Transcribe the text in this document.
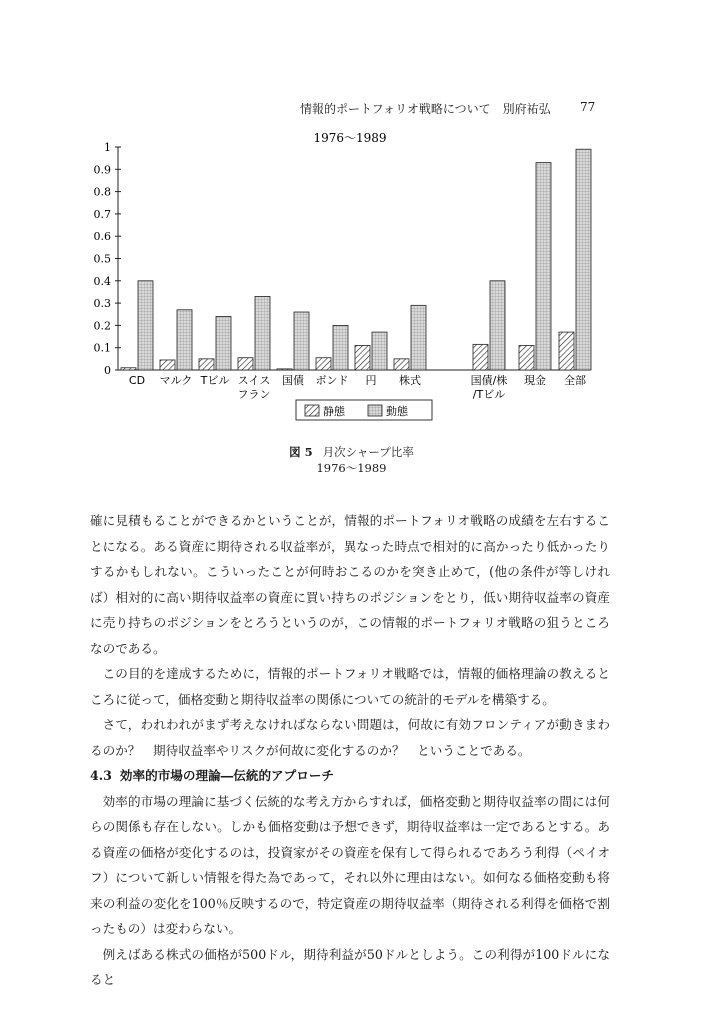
情報的ポートフォリオ戦略について　別府祐弘 77
1976～1989
0
0.1
0.2
0.3
0.4
0.5
0.6
0.7
0.8
0.9
1
CD マルク Tビル スイス
フラン
国債 ボンド 円 株式	国債/株
/Tビル
現金 全部
静態	動態
図 5 月次シャープ比率
1976～1989

確に見積もることができるかということが，情報的ポートフォリオ戦略の成績を左右することになる。ある資産に期待される収益率が，異なった時点で相対的に高かったり低かったりするかもしれない。こういったことが何時おこるのかを突き止めて，(他の条件が等しければ）相対的に高い期待収益率の資産に買い持ちのポジションをとり，低い期待収益率の資産に売り持ちのポジションをとろうというのが，この情報的ポートフォリオ戦略の狙うところなのである。

この目的を達成するために，情報的ポートフォリオ戦略では，情報的価格理論の教えるところに従って，価格変動と期待収益率の関係についての統計的モデルを構築する。

さて，われわれがまず考えなければならない問題は，何故に有効フロンティアが動きまわるのか？　期待収益率やリスクが何故に変化するのか？　ということである。

4.3 効率的市場の理論―伝統的アプローチ

効率的市場の理論に基づく伝統的な考え方からすれば，価格変動と期待収益率の間には何らの関係も存在しない。しかも価格変動は予想できず，期待収益率は一定であるとする。ある資産の価格が変化するのは，投資家がその資産を保有して得られるであろう利得（ペイオフ）について新しい情報を得た為であって，それ以外に理由はない。如何なる価格変動も将来の利益の変化を100％反映するので，特定資産の期待収益率（期待される利得を価格で割ったもの）は変わらない。

例えばある株式の価格が500ドル，期待利益が50ドルとしよう。この利得が100ドルになると
